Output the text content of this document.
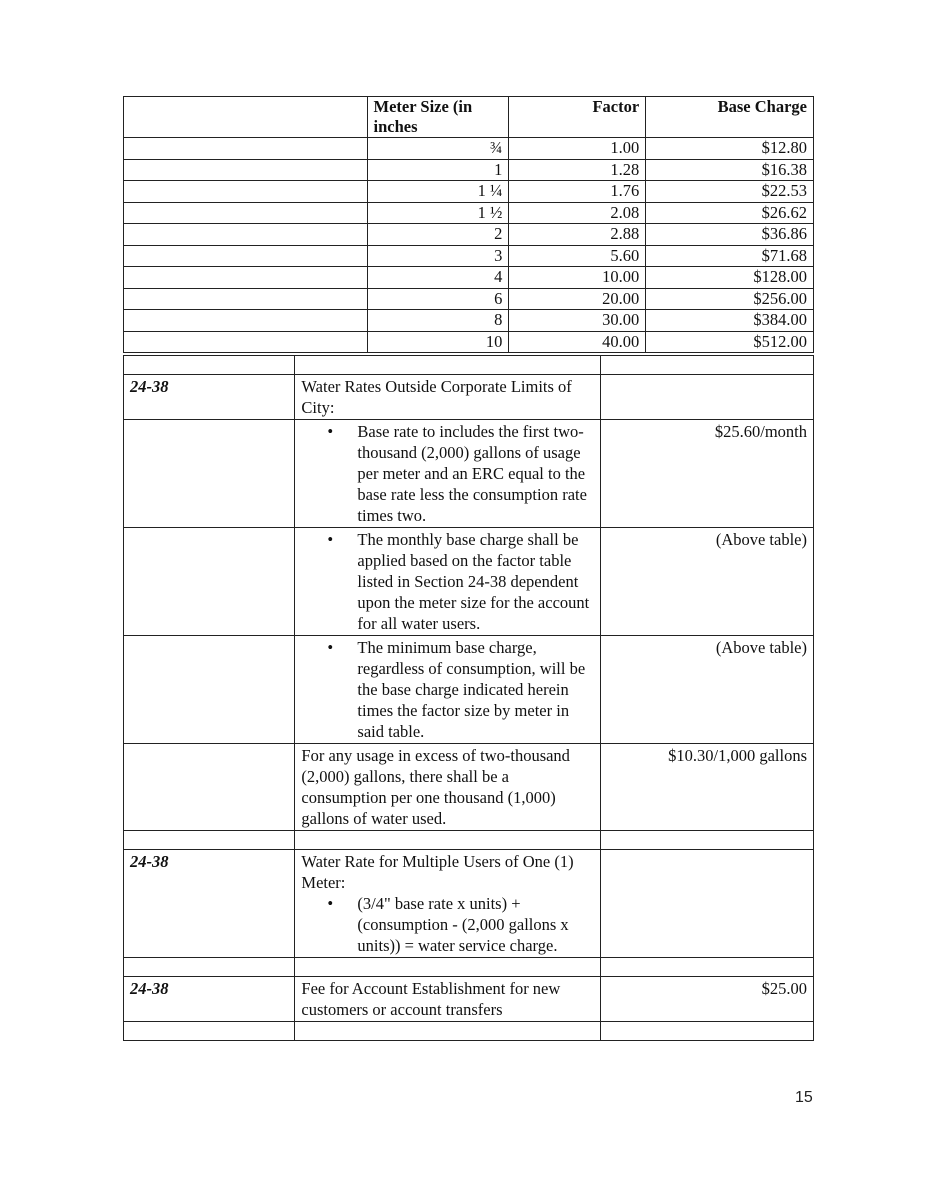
	Meter Size (in inches	Factor	Base Charge
	¾	1.00	$12.80
	1	1.28	$16.38
	1 ¼	1.76	$22.53
	1 ½	2.08	$26.62
	2	2.88	$36.86
	3	5.60	$71.68
	4	10.00	$128.00
	6	20.00	$256.00
	8	30.00	$384.00
	10	40.00	$512.00

24-38	Water Rates Outside Corporate Limits of City:	

	• Base rate to includes the first two-thousand (2,000) gallons of usage per meter and an ERC equal to the base rate less the consumption rate times two.	$25.60/month

	• The monthly base charge shall be applied based on the factor table listed in Section 24-38 dependent upon the meter size for the account for all water users.	(Above table)

	• The minimum base charge, regardless of consumption, will be the base charge indicated herein times the factor size by meter in said table.	(Above table)
	For any usage in excess of two-thousand (2,000) gallons, there shall be a consumption per one thousand (1,000) gallons of water used.	$10.30/1,000 gallons

24-38	Water Rate for Multiple Users of One (1) Meter:
• (3/4" base rate x units) + (consumption - (2,000 gallons x units)) = water service charge.	

24-38	Fee for Account Establishment for new customers or account transfers	$25.00

15
